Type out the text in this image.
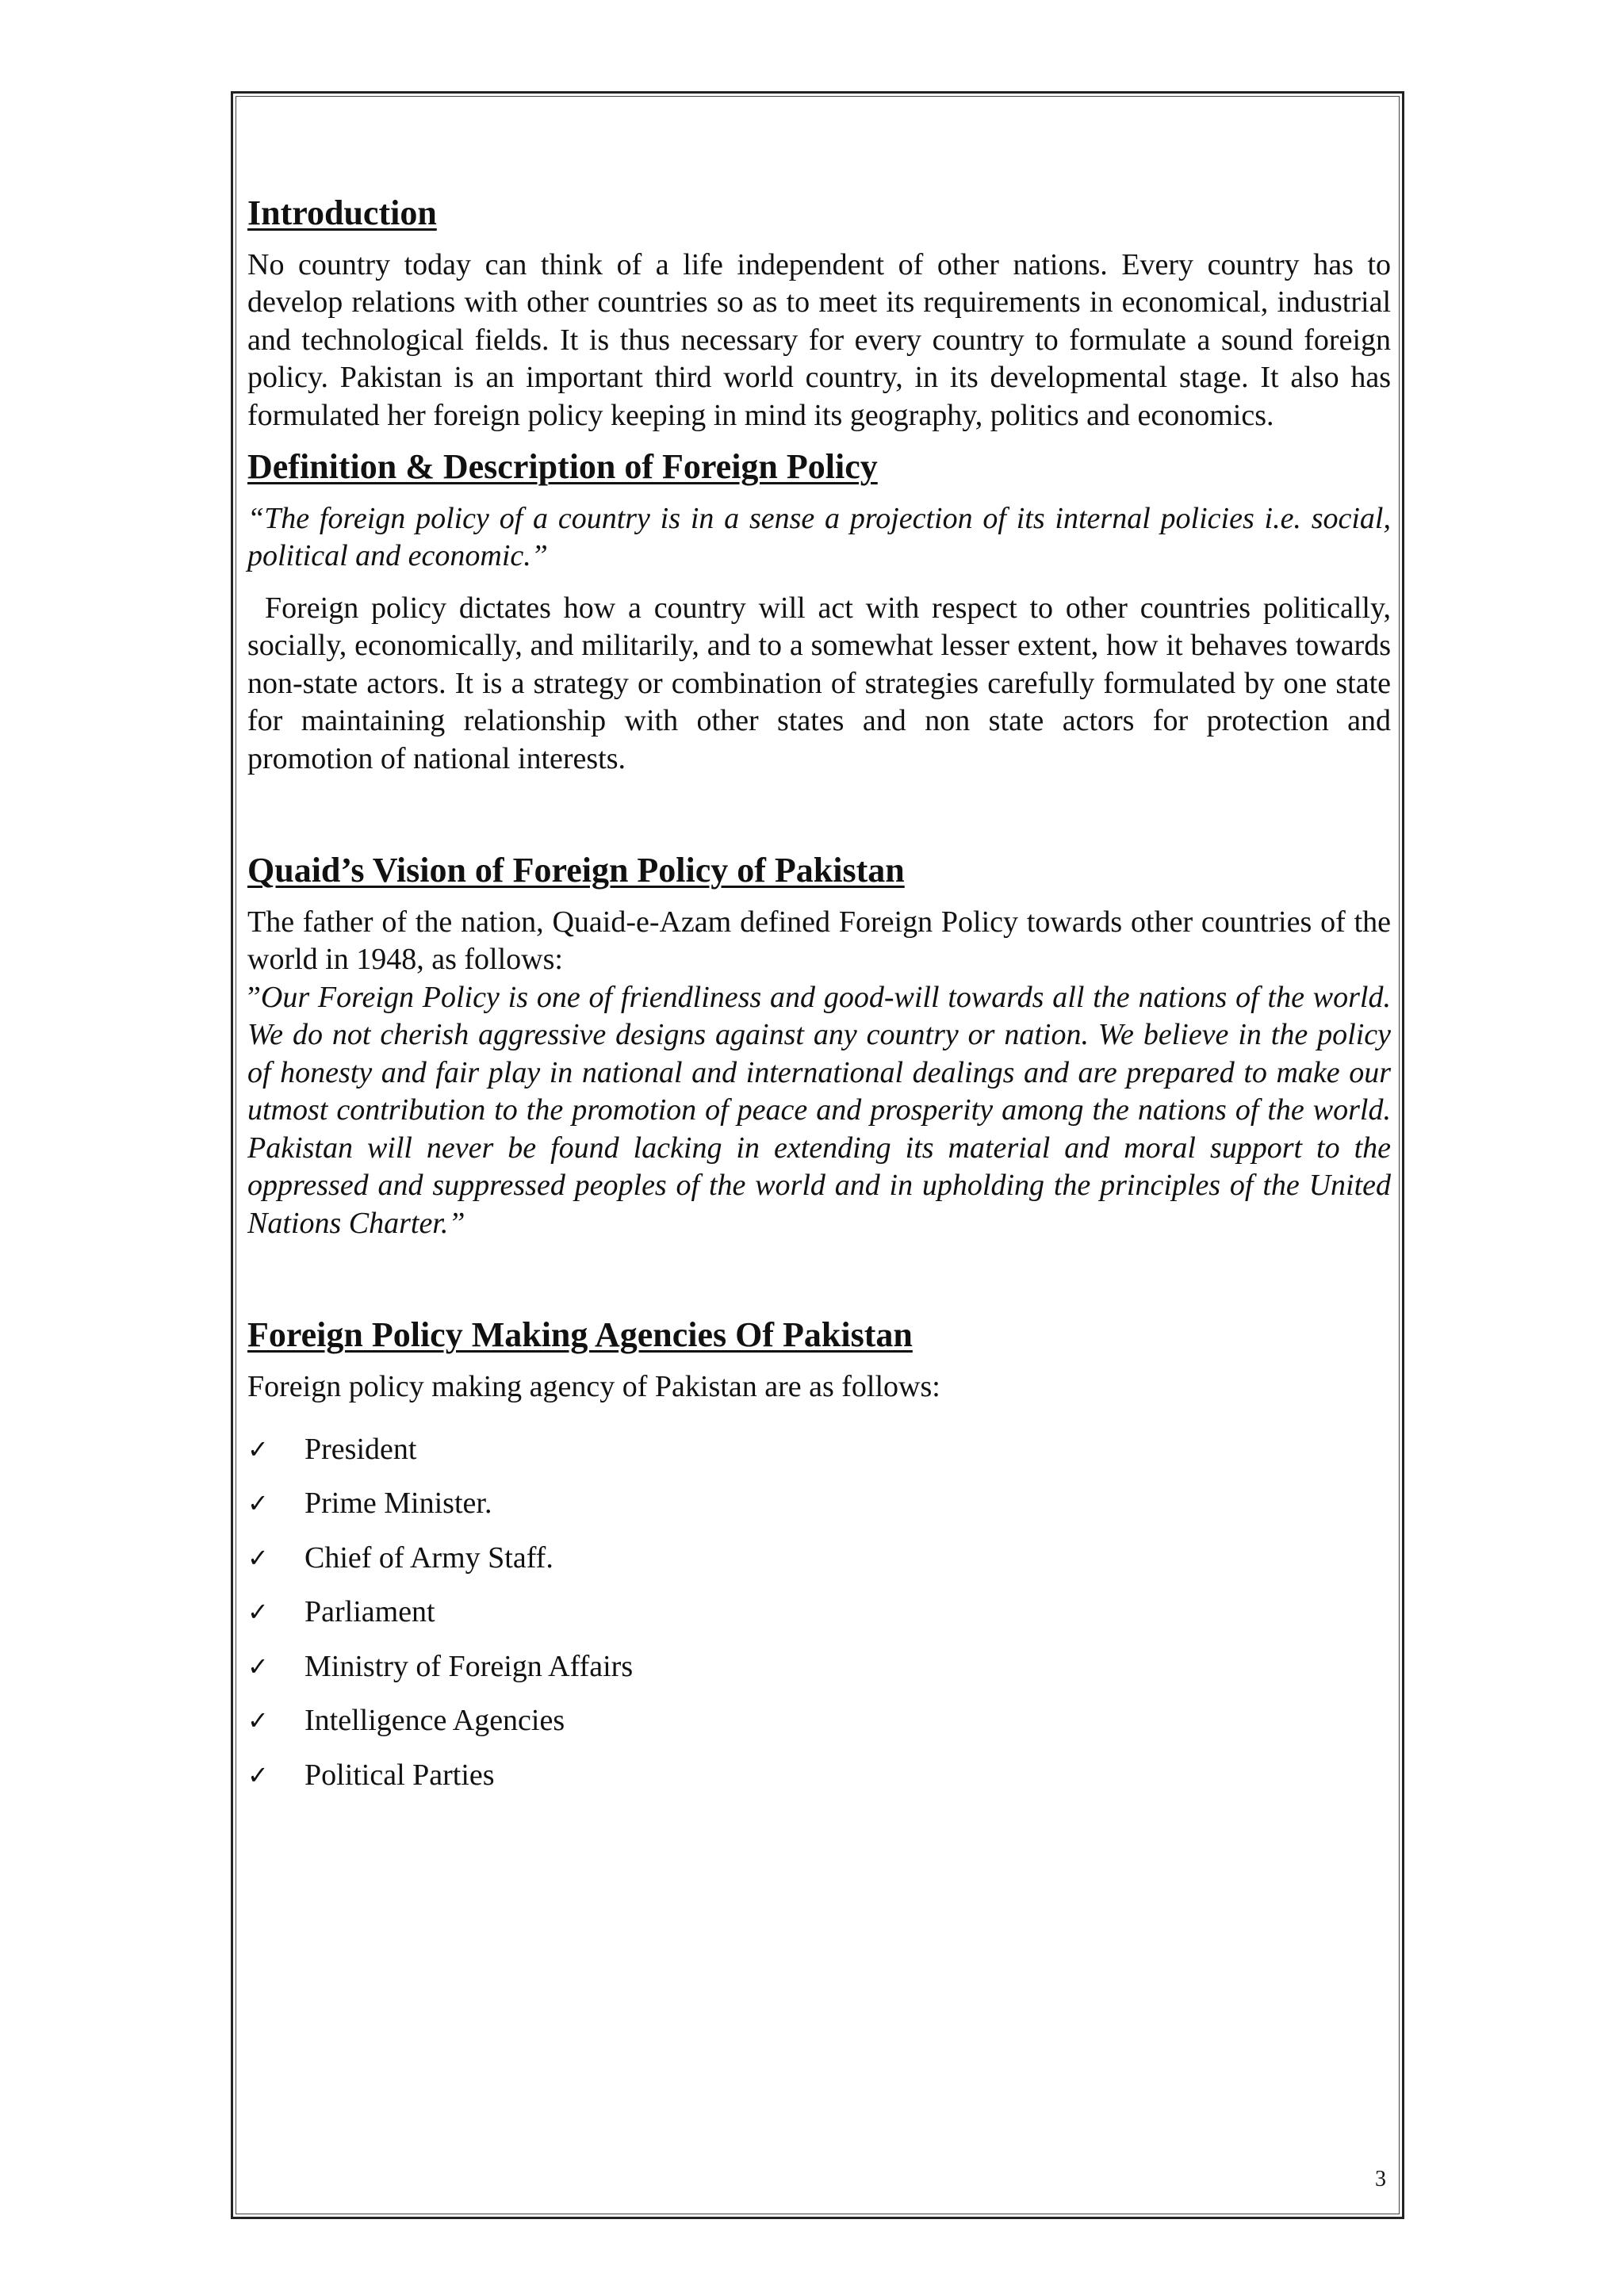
Introduction

No country today can think of a life independent of other nations. Every country has to develop relations with other countries so as to meet its requirements in economical, industrial and technological fields. It is thus necessary for every country to formulate a sound foreign policy. Pakistan is an important third world country, in its developmental stage. It also has formulated her foreign policy keeping in mind its geography, politics and economics.

Definition & Description of Foreign Policy

“The foreign policy of a country is in a sense a projection of its internal policies i.e. social, political and economic.”

Foreign policy dictates how a country will act with respect to other countries politically, socially, economically, and militarily, and to a somewhat lesser extent, how it behaves towards non-state actors. It is a strategy or combination of strategies carefully formulated by one state for maintaining relationship with other states and non state actors for protection and promotion of national interests.

Quaid’s Vision of Foreign Policy of Pakistan

The father of the nation, Quaid-e-Azam defined Foreign Policy towards other countries of the world in 1948, as follows:

”Our Foreign Policy is one of friendliness and good-will towards all the nations of the world. We do not cherish aggressive designs against any country or nation. We believe in the policy of honesty and fair play in national and international dealings and are prepared to make our utmost contribution to the promotion of peace and prosperity among the nations of the world. Pakistan will never be found lacking in extending its material and moral support to the oppressed and suppressed peoples of the world and in upholding the principles of the United Nations Charter.”

Foreign Policy Making Agencies Of Pakistan

Foreign policy making agency of Pakistan are as follows:

✓	President
✓	Prime Minister.
✓	Chief of Army Staff.
✓	Parliament
✓	Ministry of Foreign Affairs
✓	Intelligence Agencies
✓	Political Parties
3
